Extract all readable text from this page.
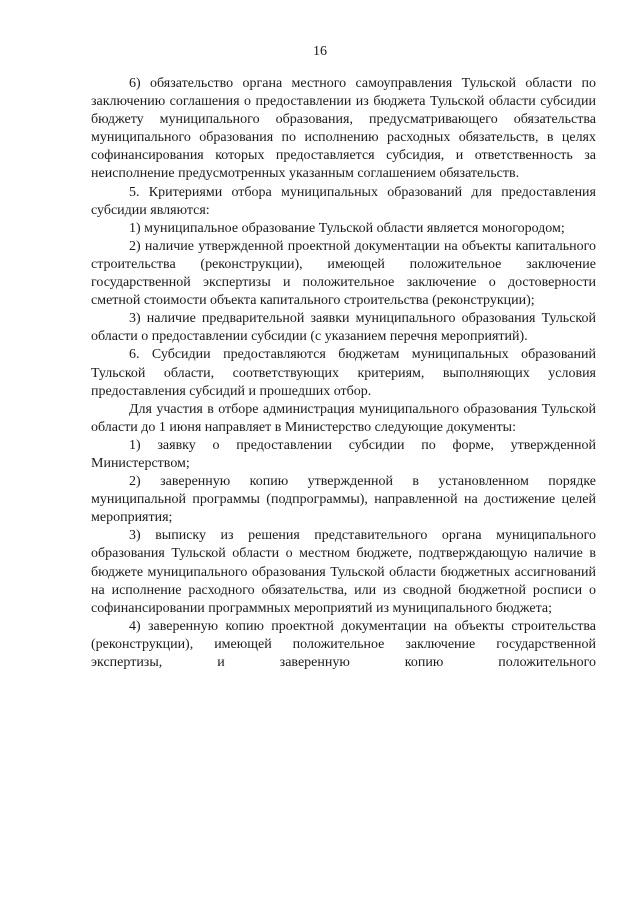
16

6) обязательство органа местного самоуправления Тульской области по заключению соглашения о предоставлении из бюджета Тульской области субсидии бюджету муниципального образования, предусматривающего обязательства муниципального образования по исполнению расходных обязательств, в целях софинансирования которых предоставляется субсидия, и ответственность за неисполнение предусмотренных указанным соглашением обязательств.

5. Критериями отбора муниципальных образований для предоставления субсидии являются:

1) муниципальное образование Тульской области является моногородом;

2) наличие утвержденной проектной документации на объекты капитального строительства (реконструкции), имеющей положительное заключение государственной экспертизы и положительное заключение о достоверности сметной стоимости объекта капитального строительства (реконструкции);

3) наличие предварительной заявки муниципального образования Тульской области о предоставлении субсидии (с указанием перечня мероприятий).

6. Субсидии предоставляются бюджетам муниципальных образований Тульской области, соответствующих критериям, выполняющих условия предоставления субсидий и прошедших отбор.

Для участия в отборе администрация муниципального образования Тульской области до 1 июня направляет в Министерство следующие документы:

1) заявку о предоставлении субсидии по форме, утвержденной Министерством;

2) заверенную копию утвержденной в установленном порядке муниципальной программы (подпрограммы), направленной на достижение целей мероприятия;

3) выписку из решения представительного органа муниципального образования Тульской области о местном бюджете, подтверждающую наличие в бюджете муниципального образования Тульской области бюджетных ассигнований на исполнение расходного обязательства, или из сводной бюджетной росписи о софинансировании программных мероприятий из муниципального бюджета;

4) заверенную копию проектной документации на объекты строительства (реконструкции), имеющей положительное заключение государственной экспертизы, и заверенную копию положительного
